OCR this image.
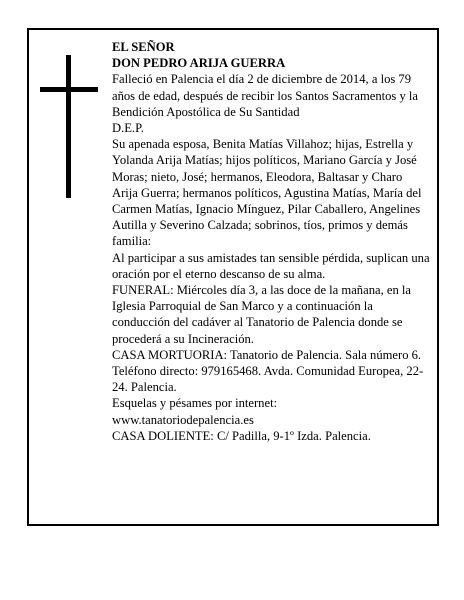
EL SEÑOR

DON PEDRO ARIJA GUERRA

Falleció en Palencia el día 2 de diciembre de 2014, a los 79 años de edad, después de recibir los Santos Sacramentos y la Bendición Apostólica de Su Santidad

D.E.P.

Su apenada esposa, Benita Matías Villahoz; hijas, Estrella y Yolanda Arija Matías; hijos políticos, Mariano García y José Moras; nieto, José; hermanos, Eleodora, Baltasar y Charo Arija Guerra; hermanos políticos, Agustina Matías, María del Carmen Matías, Ignacio Mínguez, Pilar Caballero, Angelines Autilla y Severino Calzada; sobrinos, tíos, primos y demás familia:

Al participar a sus amistades tan sensible pérdida, suplican una oración por el eterno descanso de su alma.

FUNERAL: Miércoles día 3, a las doce de la mañana, en la Iglesia Parroquial de San Marco y a continuación la conducción del cadáver al Tanatorio de Palencia donde se procederá a su Incineración.

CASA MORTUORIA: Tanatorio de Palencia. Sala número 6. Teléfono directo: 979165468. Avda. Comunidad Europea, 22-24. Palencia.

Esquelas y pésames por internet:

www.tanatoriodepalencia.es

CASA DOLIENTE: C/ Padilla, 9-1º Izda. Palencia.
